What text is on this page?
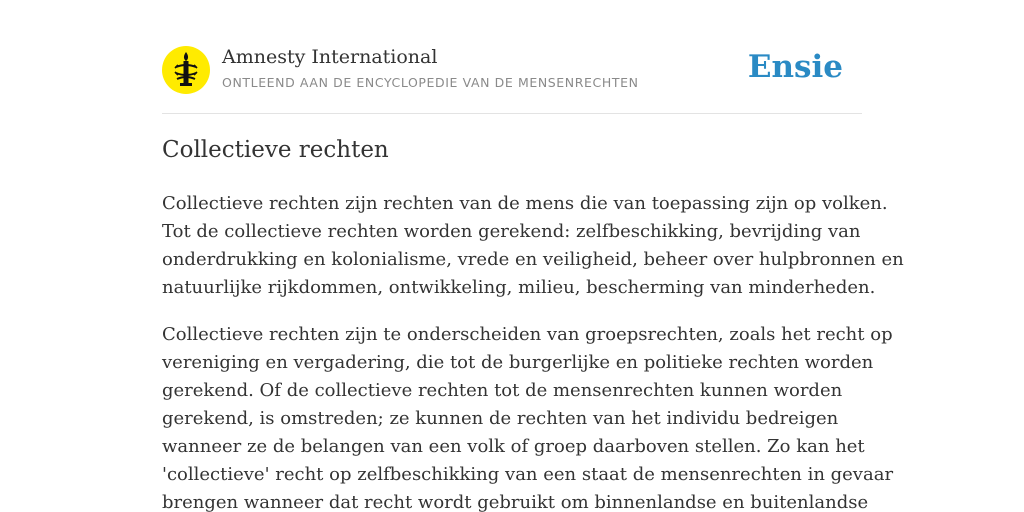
Amnesty International
ONTLEEND AAN DE ENCYCLOPEDIE VAN DE MENSENRECHTEN	Ensie
Collectieve rechten

Collectieve rechten zijn rechten van de mens die van toepassing zijn op volken.
Tot de collectieve rechten worden gerekend: zelfbeschikking, bevrijding van
onderdrukking en kolonialisme, vrede en veiligheid, beheer over hulpbronnen en
natuurlijke rijkdommen, ontwikkeling, milieu, bescherming van minderheden.

Collectieve rechten zijn te onderscheiden van groepsrechten, zoals het recht op
vereniging en vergadering, die tot de burgerlijke en politieke rechten worden
gerekend. Of de collectieve rechten tot de mensenrechten kunnen worden
gerekend, is omstreden; ze kunnen de rechten van het individu bedreigen
wanneer ze de belangen van een volk of groep daarboven stellen. Zo kan het
'collectieve' recht op zelfbeschikking van een staat de mensenrechten in gevaar
brengen wanneer dat recht wordt gebruikt om binnenlandse en buitenlandse
